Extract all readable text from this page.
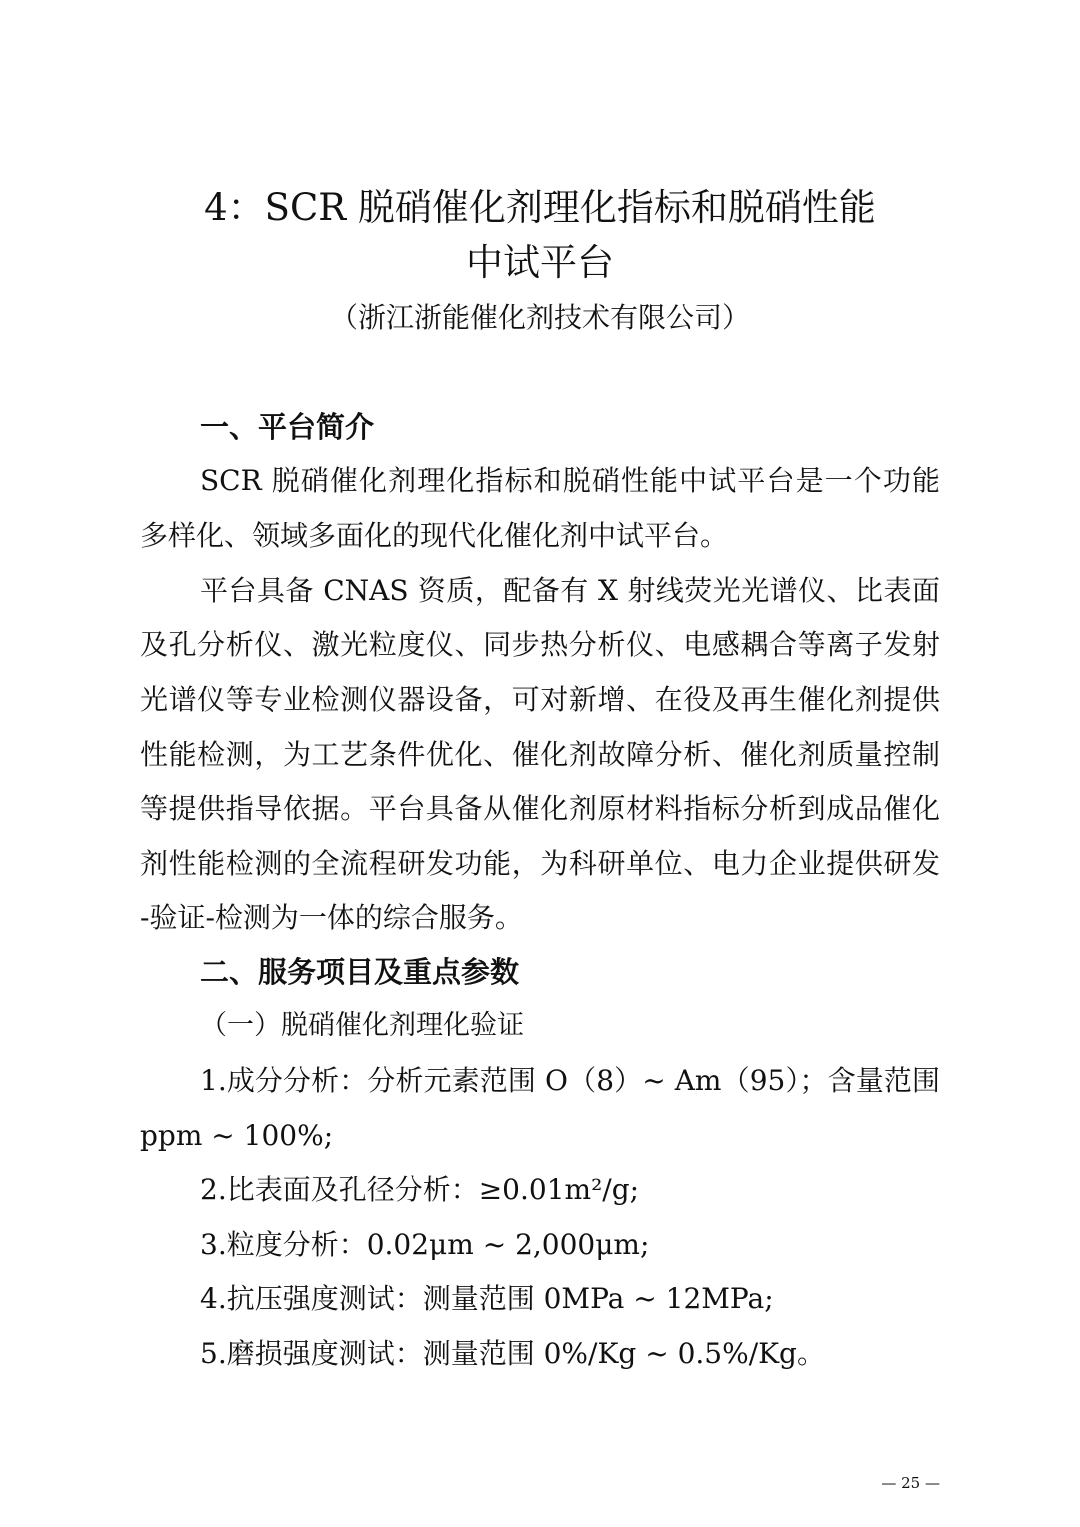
4：SCR 脱硝催化剂理化指标和脱硝性能
中试平台
（浙江浙能催化剂技术有限公司）
一、平台简介
SCR 脱硝催化剂理化指标和脱硝性能中试平台是一个功能
多样化、领域多面化的现代化催化剂中试平台。
平台具备 CNAS 资质，配备有 X 射线荧光光谱仪、比表面
及孔分析仪、激光粒度仪、同步热分析仪、电感耦合等离子发射
光谱仪等专业检测仪器设备，可对新增、在役及再生催化剂提供
性能检测，为工艺条件优化、催化剂故障分析、催化剂质量控制
等提供指导依据。平台具备从催化剂原材料指标分析到成品催化
剂性能检测的全流程研发功能，为科研单位、电力企业提供研发
-验证-检测为一体的综合服务。
二、服务项目及重点参数
（一）脱硝催化剂理化验证
1.成分分析：分析元素范围 O（8）~ Am（95）；含量范围
ppm ~ 100%;
2.比表面及孔径分析：≥0.01m²/g;
3.粒度分析：0.02μm ~ 2,000μm;
4.抗压强度测试：测量范围 0MPa ~ 12MPa;
5.磨损强度测试：测量范围 0%/Kg ~ 0.5%/Kg。
— 25 —
